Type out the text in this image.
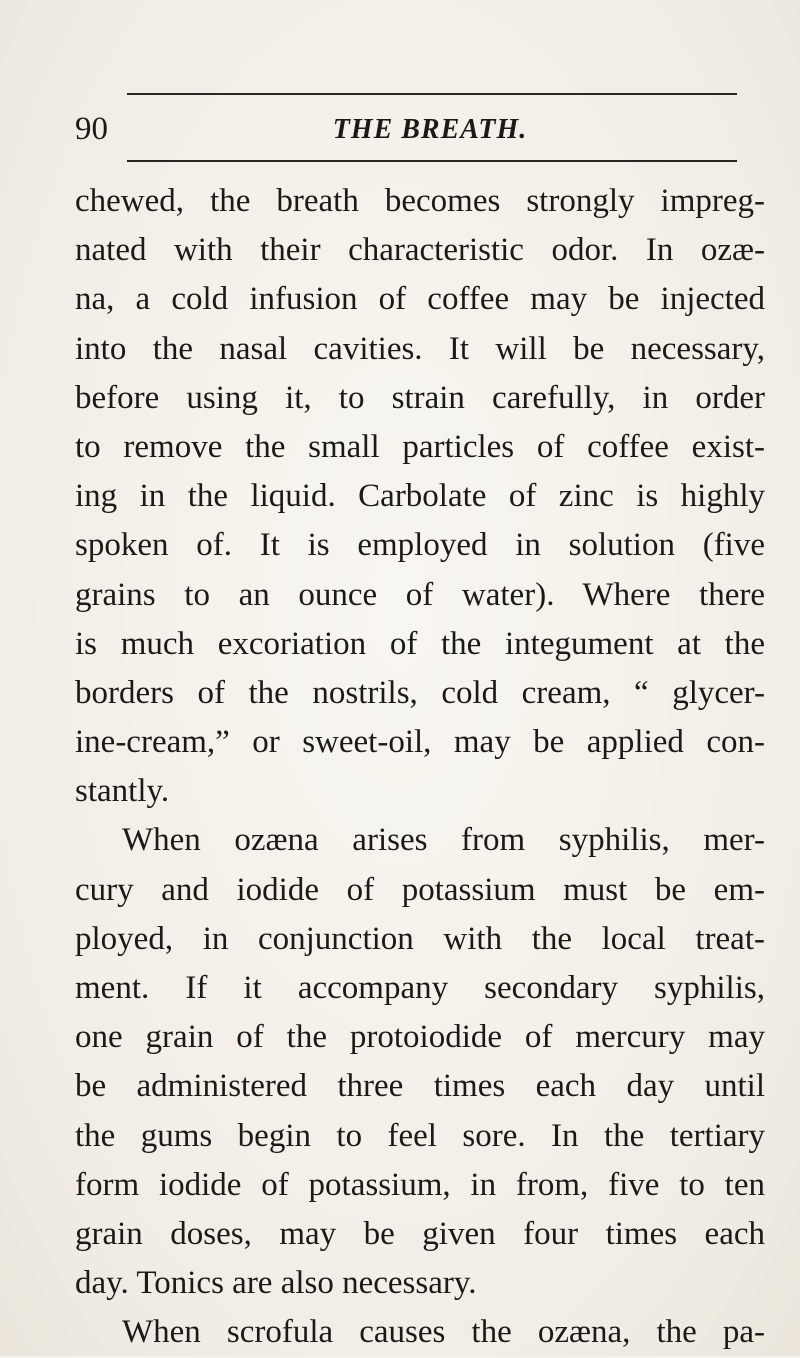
90	THE BREATH.
chewed, the breath becomes strongly impreg-
nated with their characteristic odor. In ozæ-
na, a cold infusion of coffee may be injected
into the nasal cavities. It will be necessary,
before using it, to strain carefully, in order
to remove the small particles of coffee exist-
ing in the liquid. Carbolate of zinc is highly
spoken of. It is employed in solution (five
grains to an ounce of water). Where there
is much excoriation of the integument at the
borders of the nostrils, cold cream, “ glycer-
ine-cream,” or sweet-oil, may be applied con-
stantly.
When ozæna arises from syphilis, mer-
cury and iodide of potassium must be em-
ployed, in conjunction with the local treat-
ment. If it accompany secondary syphilis,
one grain of the protoiodide of mercury may
be administered three times each day until
the gums begin to feel sore. In the tertiary
form iodide of potassium, in from, five to ten
grain doses, may be given four times each
day. Tonics are also necessary.
When scrofula causes the ozæna, the pa-
